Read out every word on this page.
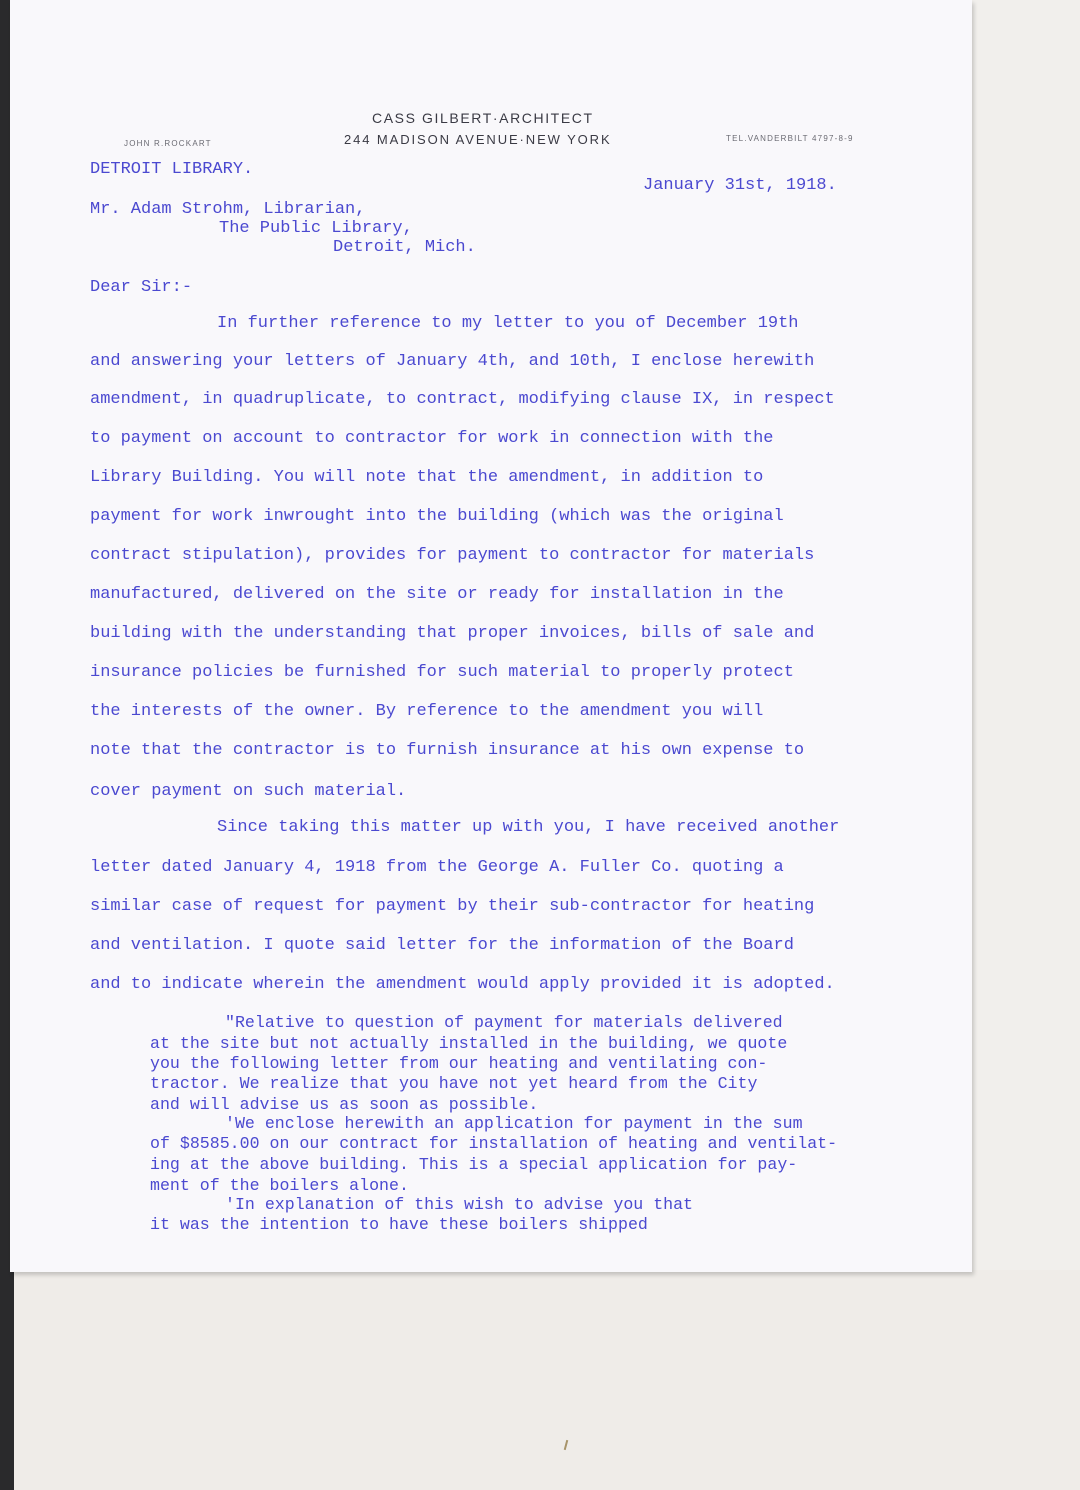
CASS GILBERT·ARCHITECT
244 MADISON AVENUE·NEW YORK
JOHN R.ROCKART
TEL.VANDERBILT 4797-8-9
DETROIT LIBRARY.
January 31st, 1918.
Mr. Adam Strohm, Librarian,
The Public Library,
Detroit, Mich.
Dear Sir:-
In further reference to my letter to you of December 19th
and answering your letters of January 4th, and 10th, I enclose herewith
amendment, in quadruplicate, to contract, modifying clause IX, in respect
to payment on account to contractor for work in connection with the
Library Building. You will note that the amendment, in addition to
payment for work inwrought into the building (which was the original
contract stipulation), provides for payment to contractor for materials
manufactured, delivered on the site or ready for installation in the
building with the understanding that proper invoices, bills of sale and
insurance policies be furnished for such material to properly protect
the interests of the owner. By reference to the amendment you will
note that the contractor is to furnish insurance at his own expense to
cover payment on such material.
Since taking this matter up with you, I have received another
letter dated January 4, 1918 from the George A. Fuller Co. quoting a
similar case of request for payment by their sub-contractor for heating
and ventilation. I quote said letter for the information of the Board
and to indicate wherein the amendment would apply provided it is adopted.
"Relative to question of payment for materials delivered
at the site but not actually installed in the building, we quote
you the following letter from our heating and ventilating con-
tractor. We realize that you have not yet heard from the City
and will advise us as soon as possible.
'We enclose herewith an application for payment in the sum
of $8585.00 on our contract for installation of heating and ventilat-
ing at the above building. This is a special application for pay-
ment of the boilers alone.
'In explanation of this wish to advise you that
it was the intention to have these boilers shipped
